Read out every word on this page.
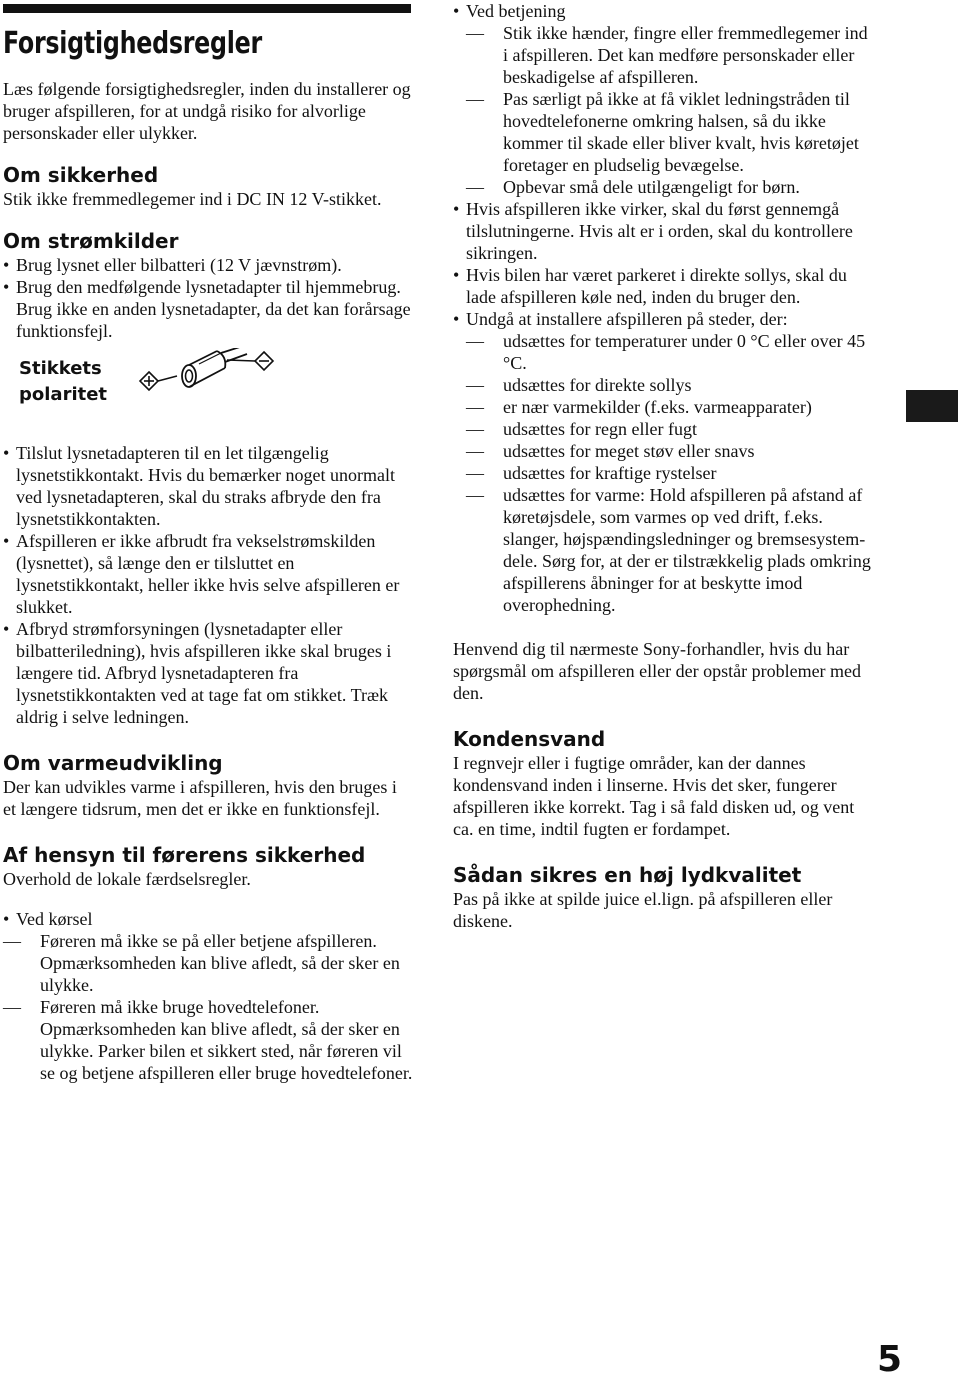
Forsigtighedsregler

Læs følgende forsigtighedsregler, inden du installerer og bruger afspilleren, for at undgå risiko for alvorlige personskader eller ulykker.

Om sikkerhed

Stik ikke fremmedlegemer ind i DC IN 12 V-stikket.

Om strømkilder
• Brug lysnet eller bilbatteri (12 V jævnstrøm).
• Brug den medfølgende lysnetadapter til hjemmebrug. Brug ikke en anden lysnetadapter, da det kan forårsage funktionsfejl.
Stikkets
polaritet
• Tilslut lysnetadapteren til en let tilgængelig lysnetstikkontakt. Hvis du bemærker noget unormalt ved lysnetadapteren, skal du straks afbryde den fra lysnetstikkontakten.
• Afspilleren er ikke afbrudt fra vekselstrømskilden (lysnettet), så længe den er tilsluttet en lysnetstikkontakt, heller ikke hvis selve afspilleren er slukket.
• Afbryd strømforsyningen (lysnetadapter eller bilbatteriledning), hvis afspilleren ikke skal bruges i længere tid. Afbryd lysnetadapteren fra lysnetstikkontakten ved at tage fat om stikket. Træk aldrig i selve ledningen.
Om varmeudvikling

Der kan udvikles varme i afspilleren, hvis den bruges i et længere tidsrum, men det er ikke en funktionsfejl.

Af hensyn til førerens sikkerhed

Overhold de lokale færdselsregler.

• Ved kørsel
— Føreren må ikke se på eller betjene afspilleren. Opmærksomheden kan blive afledt, så der sker en ulykke.
— Føreren må ikke bruge hovedtelefoner. Opmærksomheden kan blive afledt, så der sker en ulykke. Parker bilen et sikkert sted, når føreren vil se og betjene afspilleren eller bruge hovedtelefoner.
• Ved betjening
— Stik ikke hænder, fingre eller fremmedlegemer ind i afspilleren. Det kan medføre personskader eller beskadigelse af afspilleren.
— Pas særligt på ikke at få viklet ledningstråden til hovedtelefonerne omkring halsen, så du ikke kommer til skade eller bliver kvalt, hvis køretøjet foretager en pludselig bevægelse.
— Opbevar små dele utilgængeligt for børn.
• Hvis afspilleren ikke virker, skal du først gennemgå tilslutningerne. Hvis alt er i orden, skal du kontrollere sikringen.
• Hvis bilen har været parkeret i direkte sollys, skal du lade afspilleren køle ned, inden du bruger den.
• Undgå at installere afspilleren på steder, der:
— udsættes for temperaturer under 0 °C eller over 45 °C.
— udsættes for direkte sollys
— er nær varmekilder (f.eks. varmeapparater)
— udsættes for regn eller fugt
— udsættes for meget støv eller snavs
— udsættes for kraftige rystelser
— udsættes for varme: Hold afspilleren på afstand af køretøjsdele, som varmes op ved drift, f.eks. slanger, højspændingsledninger og bremsesystem-dele. Sørg for, at der er tilstrækkelig plads omkring afspillerens åbninger for at beskytte imod overophedning.

Henvend dig til nærmeste Sony-forhandler, hvis du har spørgsmål om afspilleren eller der opstår problemer med den.

Kondensvand

I regnvejr eller i fugtige områder, kan der dannes kondensvand inden i linserne. Hvis det sker, fungerer afspilleren ikke korrekt. Tag i så fald disken ud, og vent ca. en time, indtil fugten er fordampet.

Sådan sikres en høj lydkvalitet

Pas på ikke at spilde juice el.lign. på afspilleren eller diskene.

5
